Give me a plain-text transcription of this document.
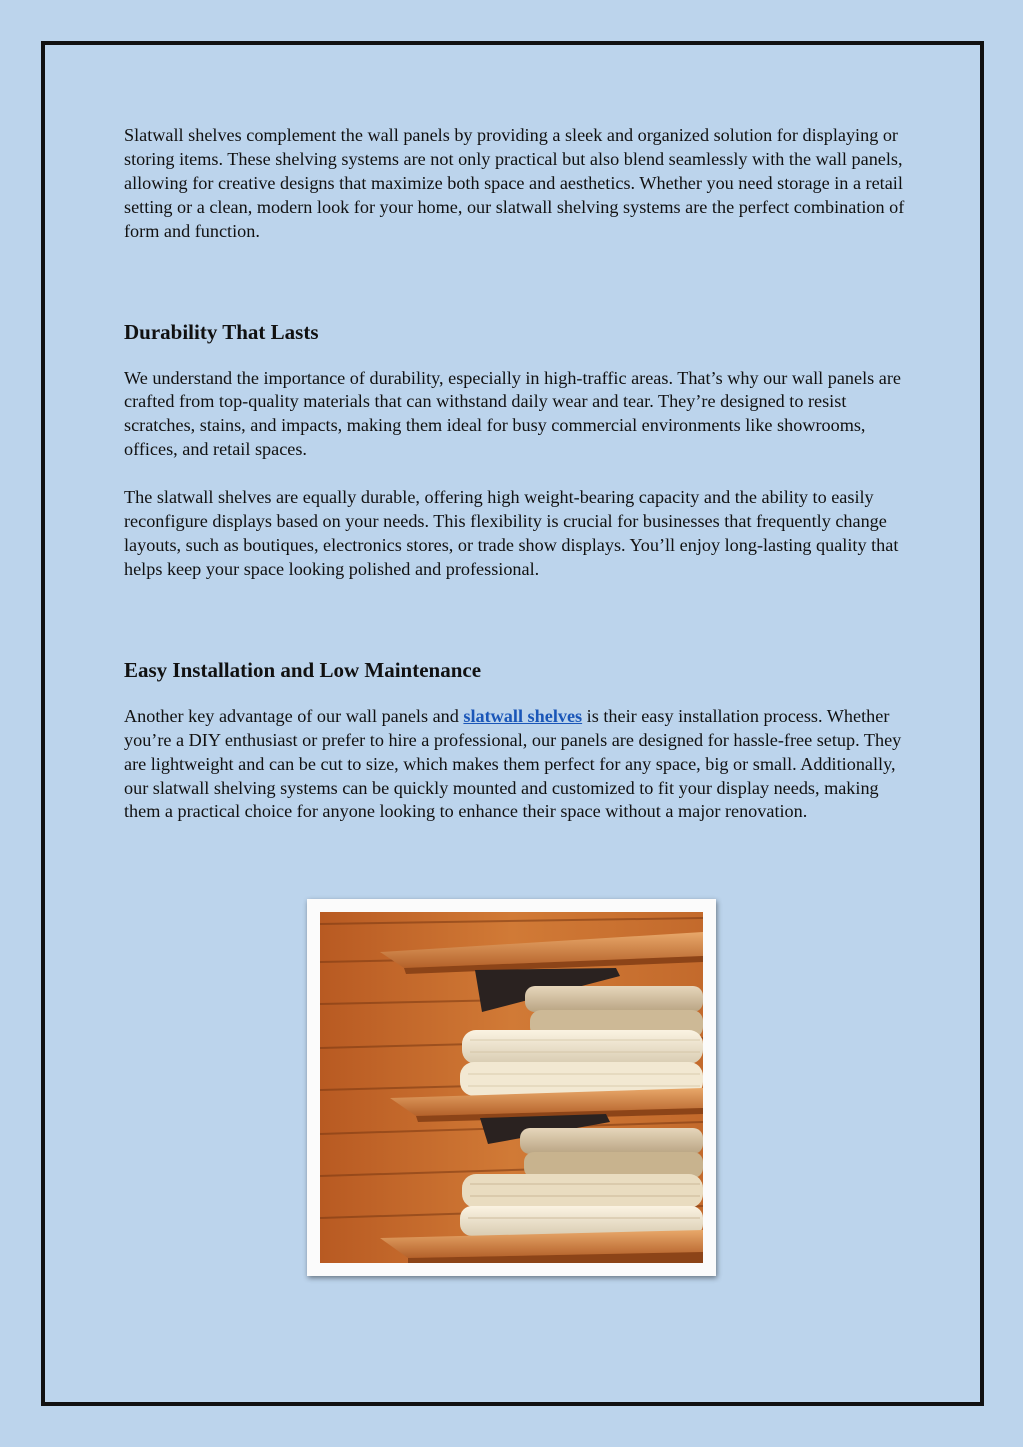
Slatwall shelves complement the wall panels by providing a sleek and organized solution for displaying or storing items. These shelving systems are not only practical but also blend seamlessly with the wall panels, allowing for creative designs that maximize both space and aesthetics. Whether you need storage in a retail setting or a clean, modern look for your home, our slatwall shelving systems are the perfect combination of form and function.

Durability That Lasts

We understand the importance of durability, especially in high-traffic areas. That’s why our wall panels are crafted from top-quality materials that can withstand daily wear and tear. They’re designed to resist scratches, stains, and impacts, making them ideal for busy commercial environments like showrooms, offices, and retail spaces.

The slatwall shelves are equally durable, offering high weight-bearing capacity and the ability to easily reconfigure displays based on your needs. This flexibility is crucial for businesses that frequently change layouts, such as boutiques, electronics stores, or trade show displays. You’ll enjoy long-lasting quality that helps keep your space looking polished and professional.

Easy Installation and Low Maintenance

Another key advantage of our wall panels and slatwall shelves is their easy installation process. Whether you’re a DIY enthusiast or prefer to hire a professional, our panels are designed for hassle-free setup. They are lightweight and can be cut to size, which makes them perfect for any space, big or small. Additionally, our slatwall shelving systems can be quickly mounted and customized to fit your display needs, making them a practical choice for anyone looking to enhance their space without a major renovation.
